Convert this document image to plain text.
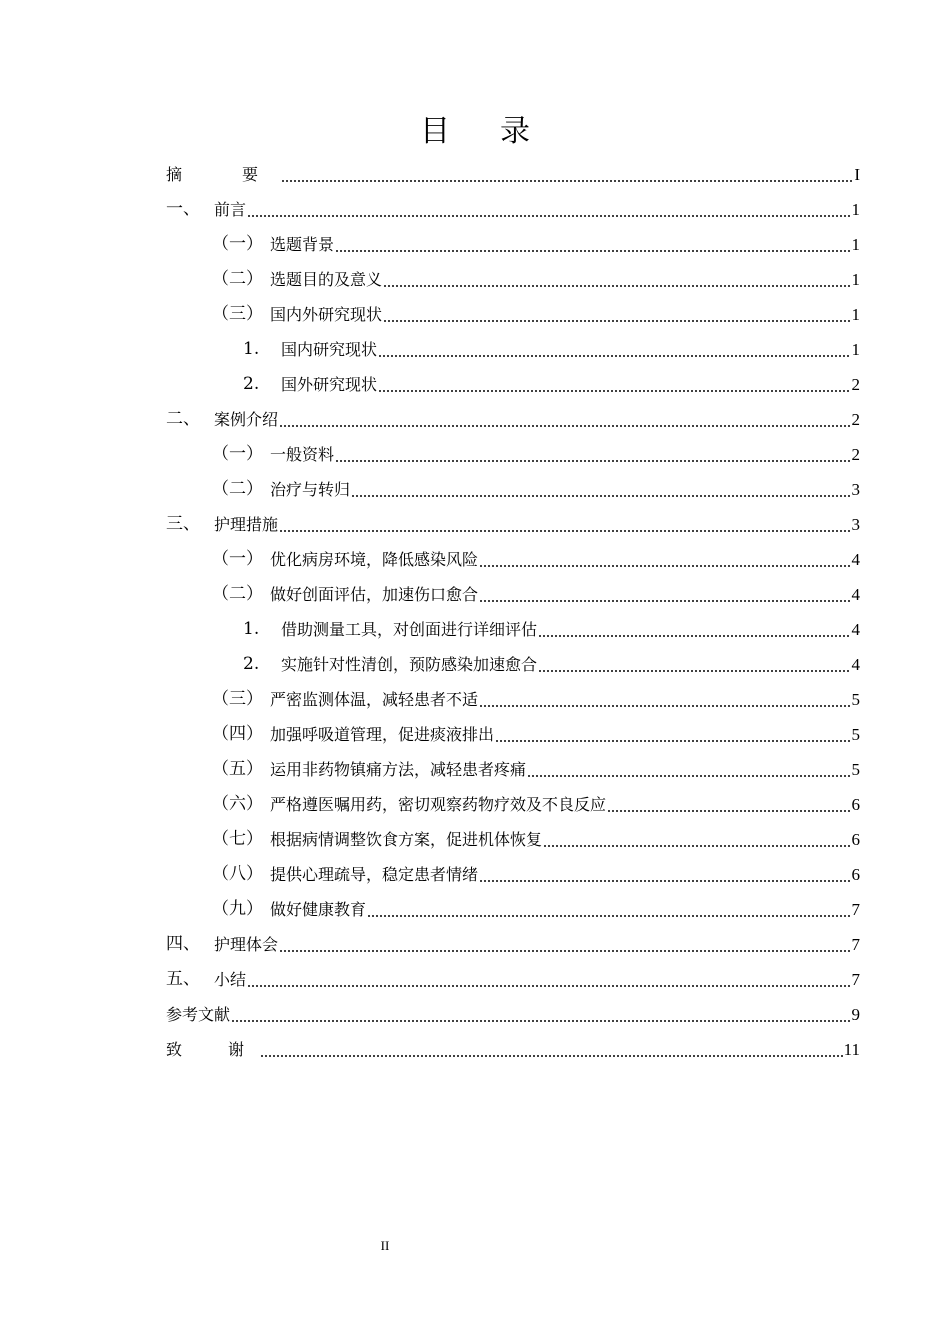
目 录
摘　要	I
一、 前言	1
（一） 选题背景	1
（二） 选题目的及意义	1
（三） 国内外研究现状	1
1.	国内研究现状	1
2.	国外研究现状	2
二、 案例介绍	2
（一） 一般资料	2
（二） 治疗与转归	3
三、 护理措施	3
（一） 优化病房环境，降低感染风险	4
（二） 做好创面评估，加速伤口愈合	4
1.	借助测量工具，对创面进行详细评估	4
2.	实施针对性清创，预防感染加速愈合	4
（三） 严密监测体温，减轻患者不适	5
（四） 加强呼吸道管理，促进痰液排出	5
（五） 运用非药物镇痛方法，减轻患者疼痛	5
（六） 严格遵医嘱用药，密切观察药物疗效及不良反应	6
（七） 根据病情调整饮食方案，促进机体恢复	6
（八） 提供心理疏导，稳定患者情绪	6
（九） 做好健康教育	7
四、 护理体会	7
五、 小结	7
参考文献	9
致　谢	11
II
